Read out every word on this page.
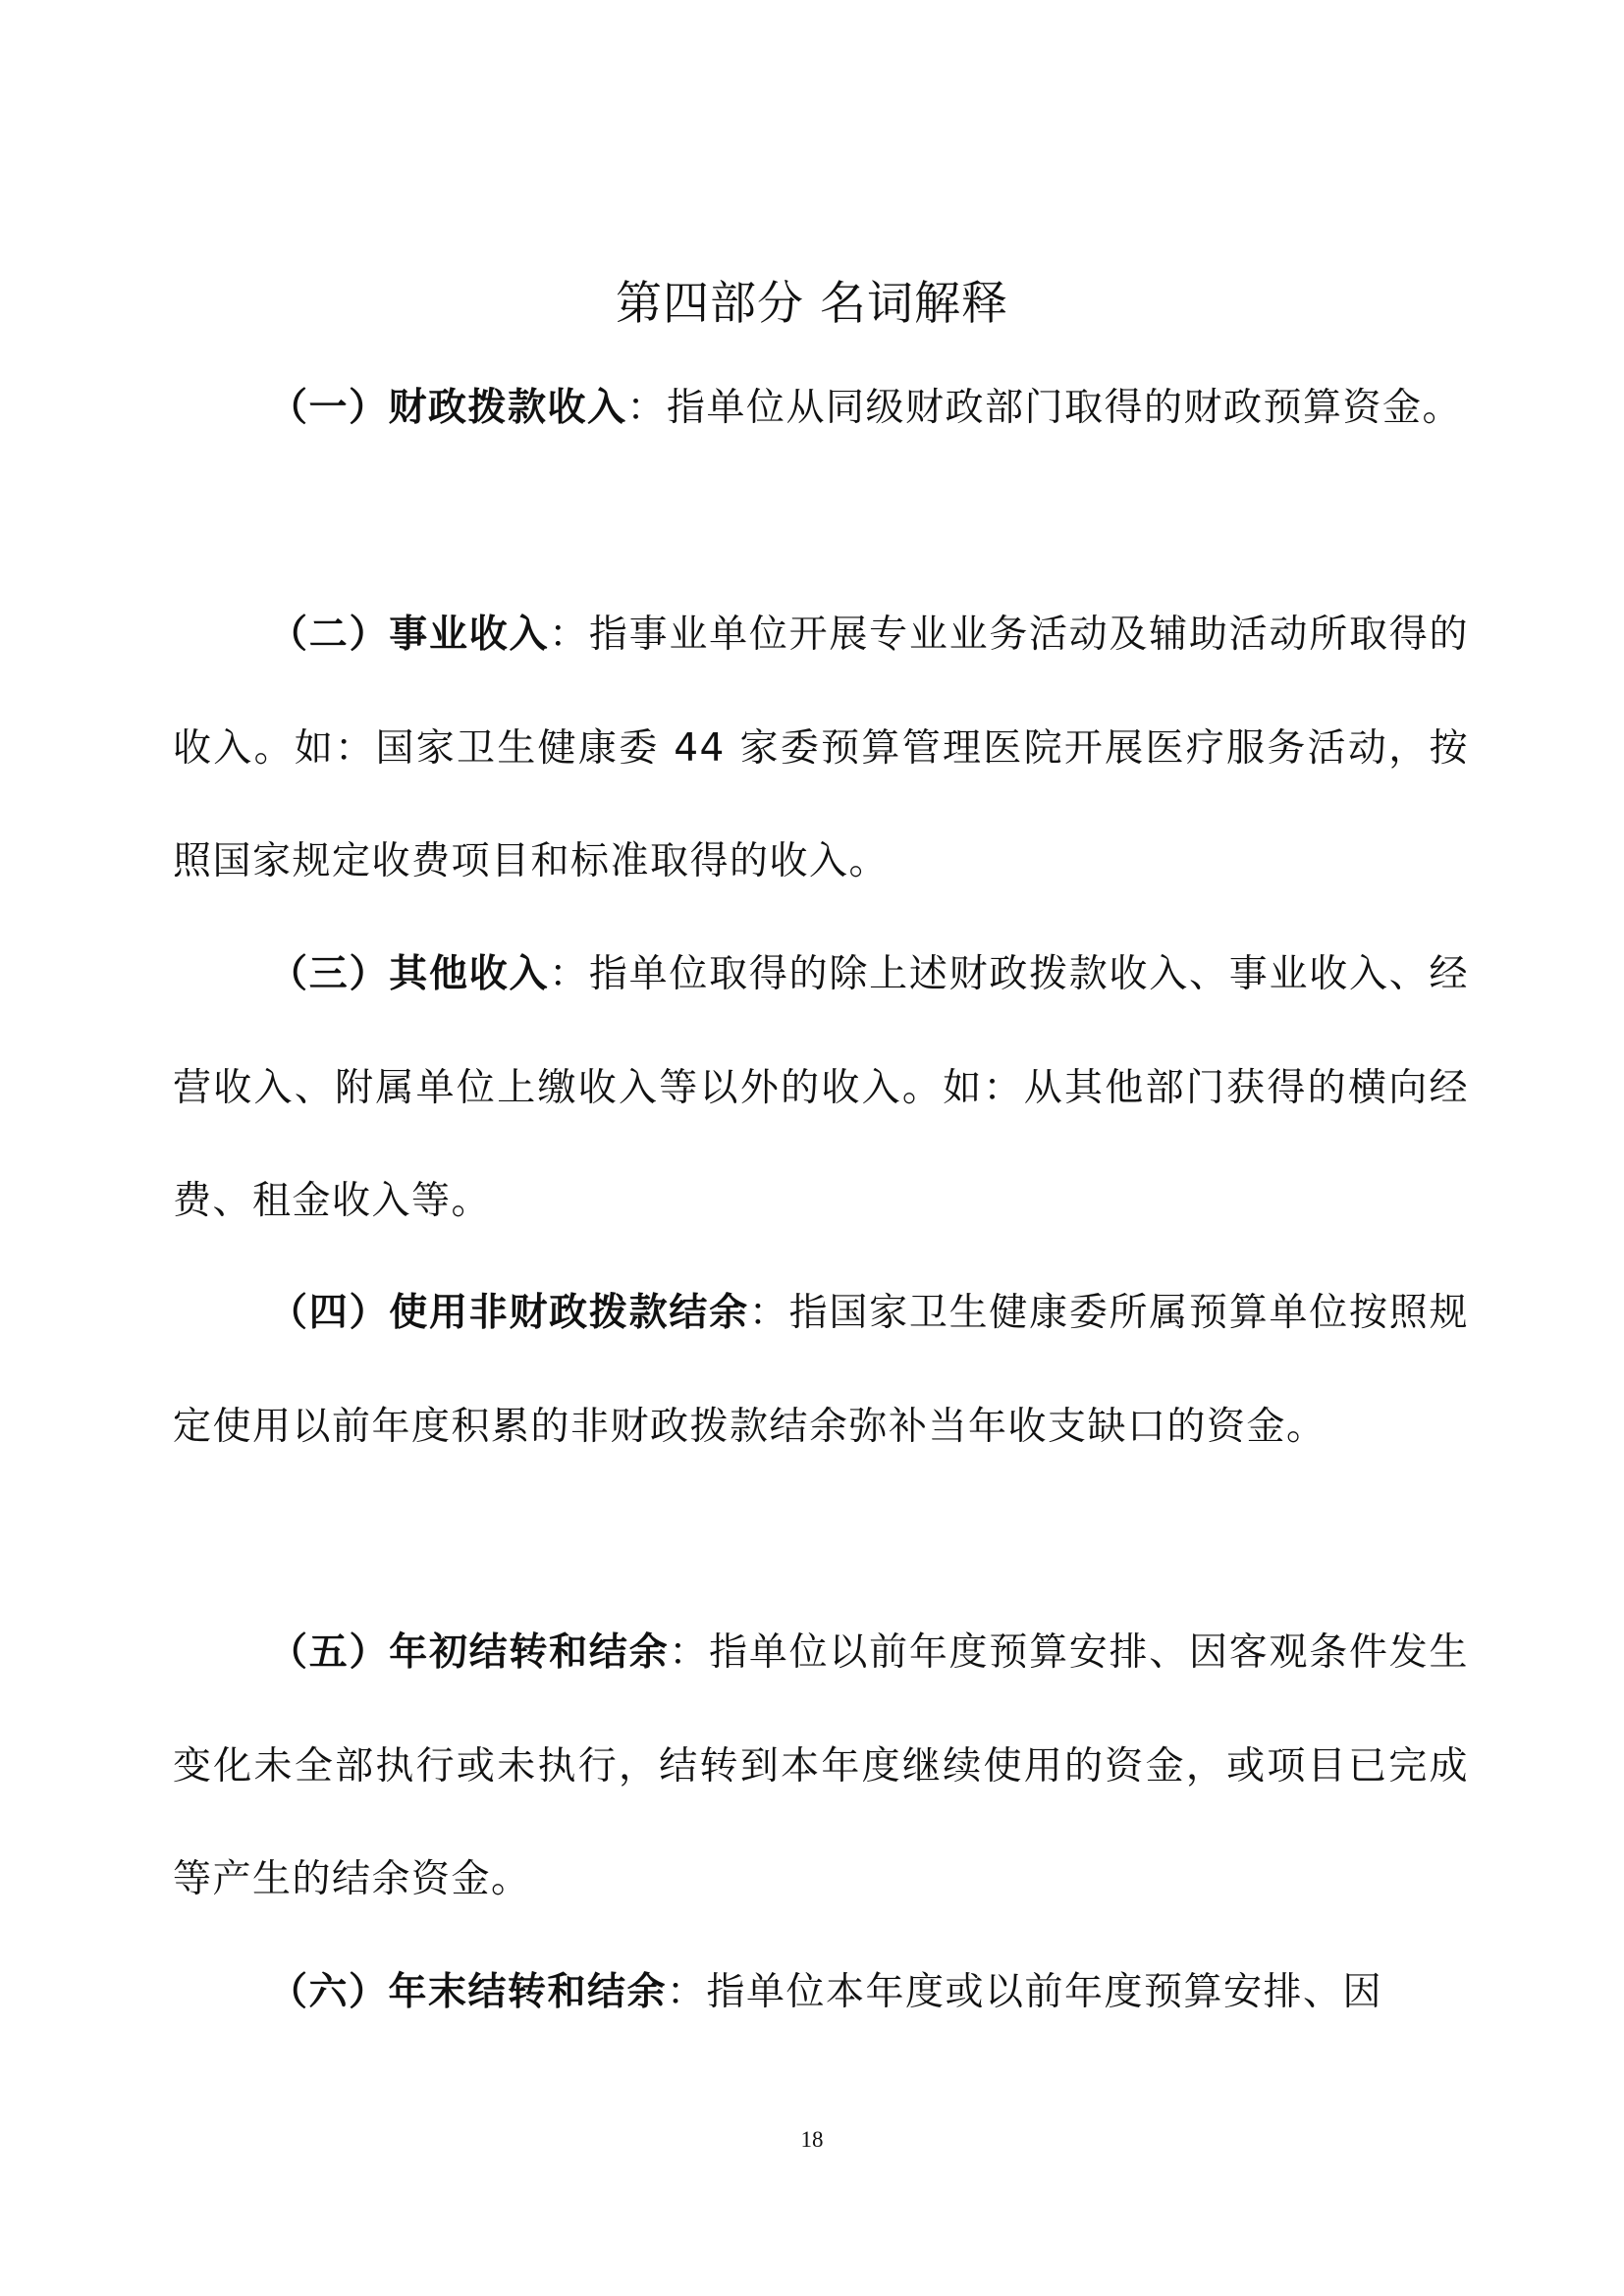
第四部分 名词解释

（一）财政拨款收入：指单位从同级财政部门取得的财政预算资金。

（二）事业收入：指事业单位开展专业业务活动及辅助活动所取得的收入。如：国家卫生健康委 44 家委预算管理医院开展医疗服务活动，按照国家规定收费项目和标准取得的收入。

（三）其他收入：指单位取得的除上述财政拨款收入、事业收入、经营收入、附属单位上缴收入等以外的收入。如：从其他部门获得的横向经费、租金收入等。

（四）使用非财政拨款结余：指国家卫生健康委所属预算单位按照规定使用以前年度积累的非财政拨款结余弥补当年收支缺口的资金。

（五）年初结转和结余：指单位以前年度预算安排、因客观条件发生变化未全部执行或未执行，结转到本年度继续使用的资金，或项目已完成等产生的结余资金。

（六）年末结转和结余：指单位本年度或以前年度预算安排、因

18
